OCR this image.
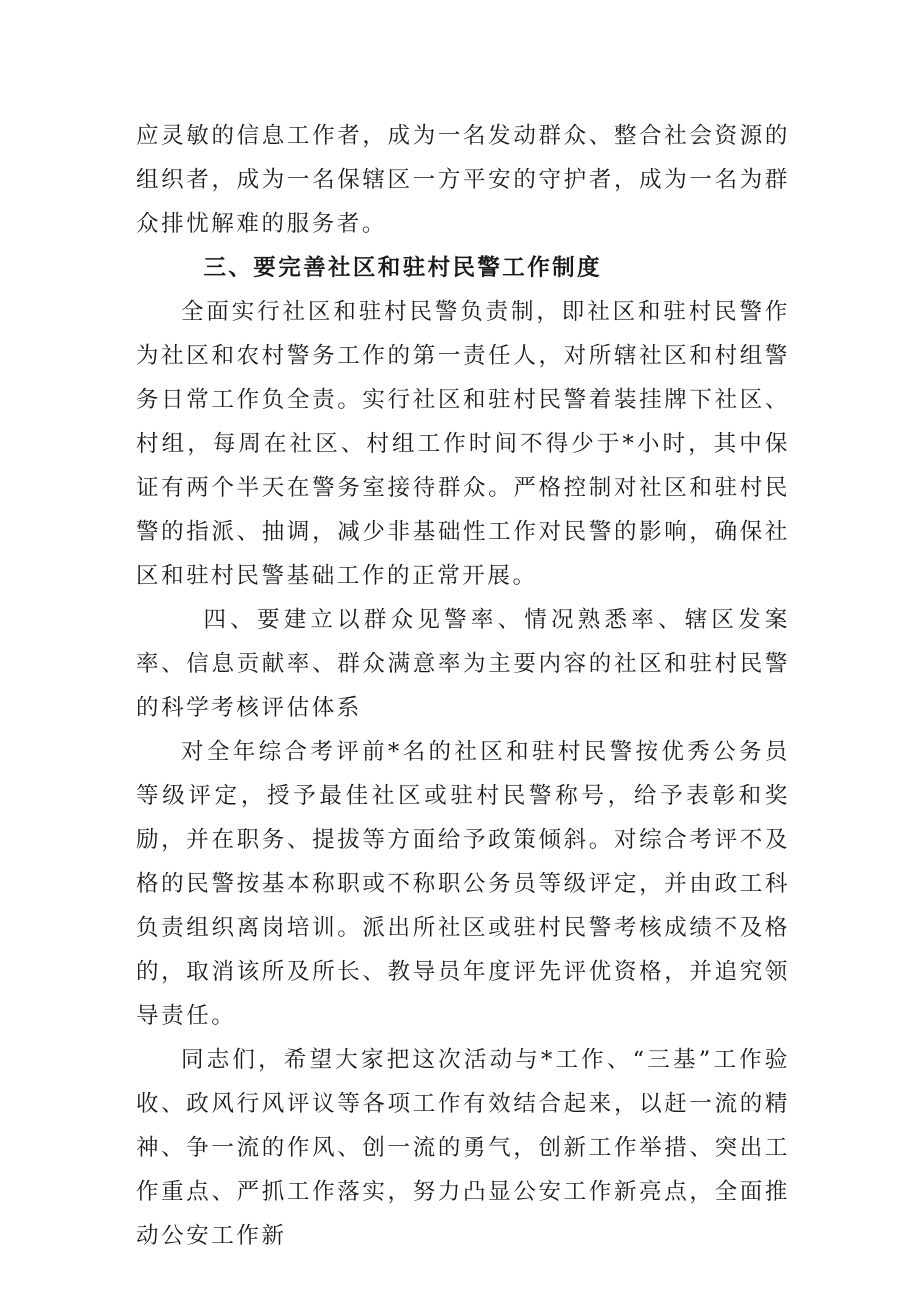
应灵敏的信息工作者，成为一名发动群众、整合社会资源的组织者，成为一名保辖区一方平安的守护者，成为一名为群众排忧解难的服务者。

三、要完善社区和驻村民警工作制度

全面实行社区和驻村民警负责制，即社区和驻村民警作为社区和农村警务工作的第一责任人，对所辖社区和村组警务日常工作负全责。实行社区和驻村民警着装挂牌下社区、村组，每周在社区、村组工作时间不得少于*小时，其中保证有两个半天在警务室接待群众。严格控制对社区和驻村民警的指派、抽调，减少非基础性工作对民警的影响，确保社区和驻村民警基础工作的正常开展。

四、要建立以群众见警率、情况熟悉率、辖区发案率、信息贡献率、群众满意率为主要内容的社区和驻村民警的科学考核评估体系

对全年综合考评前*名的社区和驻村民警按优秀公务员等级评定，授予最佳社区或驻村民警称号，给予表彰和奖励，并在职务、提拔等方面给予政策倾斜。对综合考评不及格的民警按基本称职或不称职公务员等级评定，并由政工科负责组织离岗培训。派出所社区或驻村民警考核成绩不及格的，取消该所及所长、教导员年度评先评优资格，并追究领导责任。

同志们，希望大家把这次活动与*工作、“三基”工作验收、政风行风评议等各项工作有效结合起来，以赶一流的精神、争一流的作风、创一流的勇气，创新工作举措、突出工作重点、严抓工作落实，努力凸显公安工作新亮点，全面推动公安工作新
